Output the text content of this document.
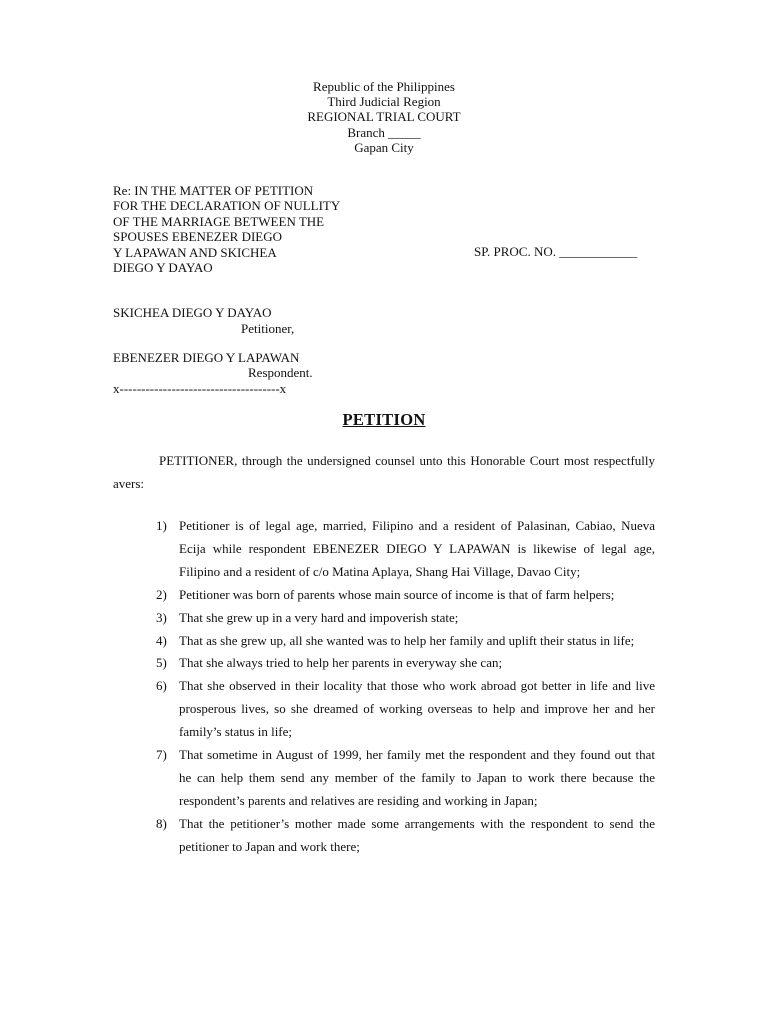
Republic of the Philippines
Third Judicial Region
REGIONAL TRIAL COURT
Branch _____
Gapan City
Re: IN THE MATTER OF PETITION
FOR THE DECLARATION OF NULLITY
OF THE MARRIAGE BETWEEN THE
SPOUSES EBENEZER DIEGO
Y LAPAWAN AND SKICHEA
DIEGO Y DAYAO
SP. PROC. NO. ____________
SKICHEA DIEGO Y DAYAO
Petitioner,
EBENEZER DIEGO Y LAPAWAN
Respondent.
x-------------------------------------x
PETITION
PETITIONER, through the undersigned counsel unto this Honorable Court most respectfully avers:
1) Petitioner is of legal age, married, Filipino and a resident of Palasinan, Cabiao, Nueva Ecija while respondent EBENEZER DIEGO Y LAPAWAN is likewise of legal age, Filipino and a resident of c/o Matina Aplaya, Shang Hai Village, Davao City;
2) Petitioner was born of parents whose main source of income is that of farm helpers;
3) That she grew up in a very hard and impoverish state;
4) That as she grew up, all she wanted was to help her family and uplift their status in life;
5) That she always tried to help her parents in everyway she can;
6) That she observed in their locality that those who work abroad got better in life and live prosperous lives, so she dreamed of working overseas to help and improve her and her family’s status in life;
7) That sometime in August of 1999, her family met the respondent and they found out that he can help them send any member of the family to Japan to work there because the respondent’s parents and relatives are residing and working in Japan;
8) That the petitioner’s mother made some arrangements with the respondent to send the petitioner to Japan and work there;
